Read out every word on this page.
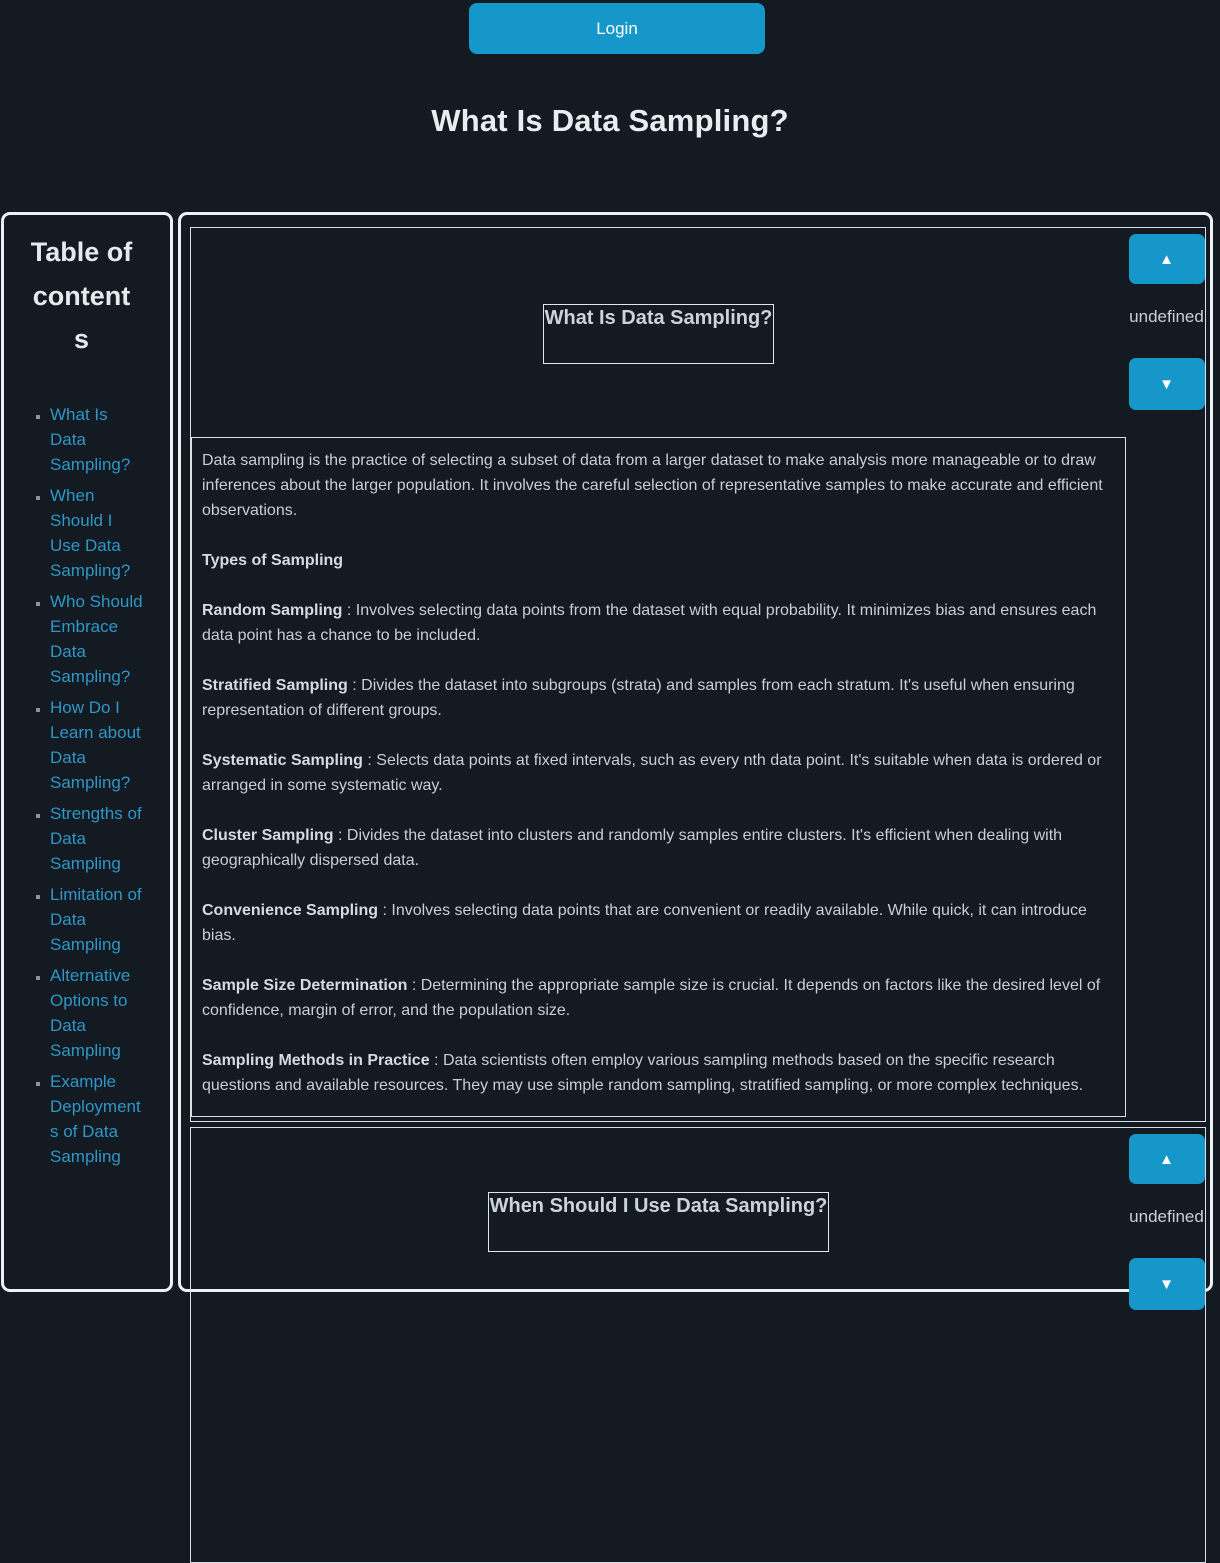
Login
What Is Data Sampling?
Table of contents
▪ What Is Data Sampling?
▪ When Should I Use Data Sampling?
▪ Who Should Embrace Data Sampling?
▪ How Do I Learn about Data Sampling?
▪ Strengths of Data Sampling
▪ Limitation of Data Sampling
▪ Alternative Options to Data Sampling
▪ Example Deployments of Data Sampling
▲
undefined
▼
What Is Data Sampling?

Data sampling is the practice of selecting a subset of data from a larger dataset to make analysis more manageable or to draw inferences about the larger population. It involves the careful selection of representative samples to make accurate and efficient observations.

Types of Sampling

Random Sampling : Involves selecting data points from the dataset with equal probability. It minimizes bias and ensures each data point has a chance to be included.

Stratified Sampling : Divides the dataset into subgroups (strata) and samples from each stratum. It's useful when ensuring representation of different groups.

Systematic Sampling : Selects data points at fixed intervals, such as every nth data point. It's suitable when data is ordered or arranged in some systematic way.

Cluster Sampling : Divides the dataset into clusters and randomly samples entire clusters. It's efficient when dealing with geographically dispersed data.

Convenience Sampling : Involves selecting data points that are convenient or readily available. While quick, it can introduce bias.

Sample Size Determination : Determining the appropriate sample size is crucial. It depends on factors like the desired level of confidence, margin of error, and the population size.

Sampling Methods in Practice : Data scientists often employ various sampling methods based on the specific research questions and available resources. They may use simple random sampling, stratified sampling, or more complex techniques.

▲
undefined
▼
When Should I Use Data Sampling?
